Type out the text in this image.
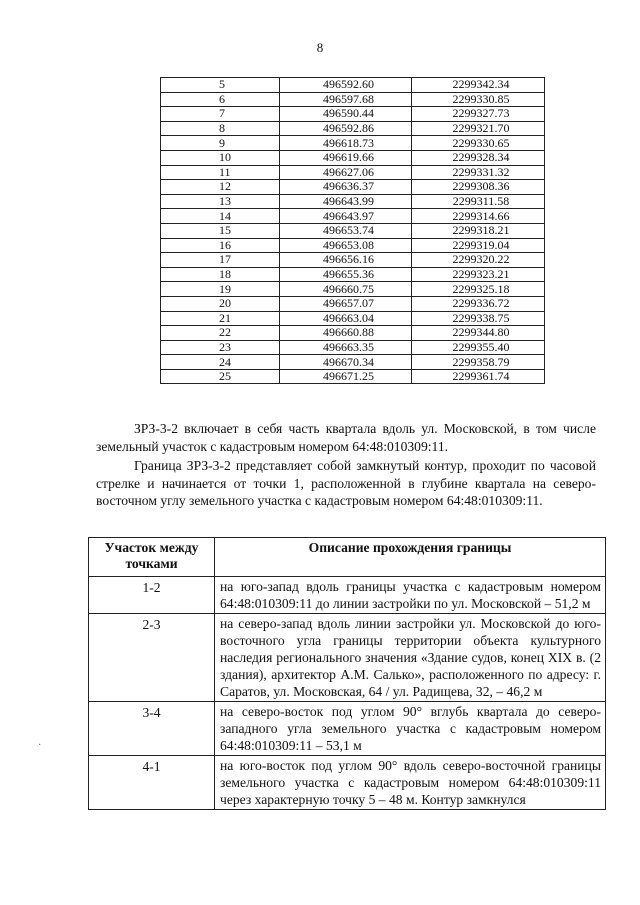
8
5	496592.60	2299342.34
6	496597.68	2299330.85
7	496590.44	2299327.73
8	496592.86	2299321.70
9	496618.73	2299330.65
10	496619.66	2299328.34
11	496627.06	2299331.32
12	496636.37	2299308.36
13	496643.99	2299311.58
14	496643.97	2299314.66
15	496653.74	2299318.21
16	496653.08	2299319.04
17	496656.16	2299320.22
18	496655.36	2299323.21
19	496660.75	2299325.18
20	496657.07	2299336.72
21	496663.04	2299338.75
22	496660.88	2299344.80
23	496663.35	2299355.40
24	496670.34	2299358.79
25	496671.25	2299361.74
ЗРЗ-3-2 включает в себя часть квартала вдоль ул. Московской, в том числе земельный участок с кадастровым номером 64:48:010309:11.
Граница ЗРЗ-3-2 представляет собой замкнутый контур, проходит по часовой стрелке и начинается от точки 1, расположенной в глубине квартала на северо-восточном углу земельного участка с кадастровым номером 64:48:010309:11.
Участок между точками	Описание прохождения границы
1-2	на юго-запад вдоль границы участка с кадастровым номером 64:48:010309:11 до линии застройки по ул. Московской – 51,2 м
2-3	на северо-запад вдоль линии застройки ул. Московской до юго-восточного угла границы территории объекта культурного наследия регионального значения «Здание судов, конец XIX в. (2 здания), архитектор А.М. Салько», расположенного по адресу: г. Саратов, ул. Московская, 64 / ул. Радищева, 32, – 46,2 м
3-4	на северо-восток под углом 90° вглубь квартала до северо-западного угла земельного участка с кадастровым номером 64:48:010309:11 – 53,1 м
4-1	на юго-восток под углом 90° вдоль северо-восточной границы земельного участка с кадастровым номером 64:48:010309:11 через характерную точку 5 – 48 м. Контур замкнулся
·
